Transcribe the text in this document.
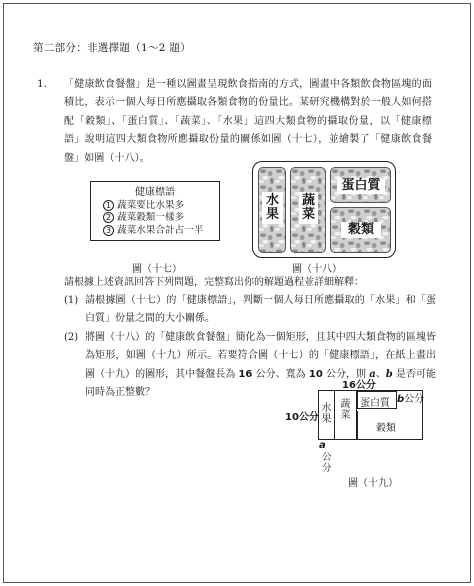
第二部分：非選擇題（1～2 題）
1. 「健康飲食餐盤」是一種以圖畫呈現飲食指南的方式，圖畫中各類飲食物區塊的面積比，表示一個人每日所應攝取各類食物的份量比。某研究機構對於一般人如何搭配「穀類」、「蛋白質」、「蔬菜」、「水果」這四大類食物的攝取份量，以「健康標語」說明這四大類食物所應攝取份量的關係如圖（十七），並繪製了「健康飲食餐盤」如圖（十八）。
健康標語
1 蔬菜要比水果多
2 蔬菜穀類一樣多
3 蔬菜水果合計占一半
圖（十七）
水果
蔬菜
蛋白質
穀類
圖（十八）
請根據上述資訊回答下列問題，完整寫出你的解題過程並詳細解釋：
(1) 請根據圖（十七）的「健康標語」，判斷一個人每日所應攝取的「水果」和「蛋白質」份量之間的大小關係。
(2) 將圖（十八）的「健康飲食餐盤」簡化為一個矩形，且其中四大類食物的區塊皆為矩形，如圖（十九）所示。若要符合圖（十七）的「健康標語」，在紙上畫出圖（十九）的圖形，其中餐盤長為 16 公分、寬為 10 公分，則 a、b 是否可能同時為正整數？
16公分
10公分
水果
蔬菜
蛋白質
穀類
b公分
a
公分
圖（十九）
